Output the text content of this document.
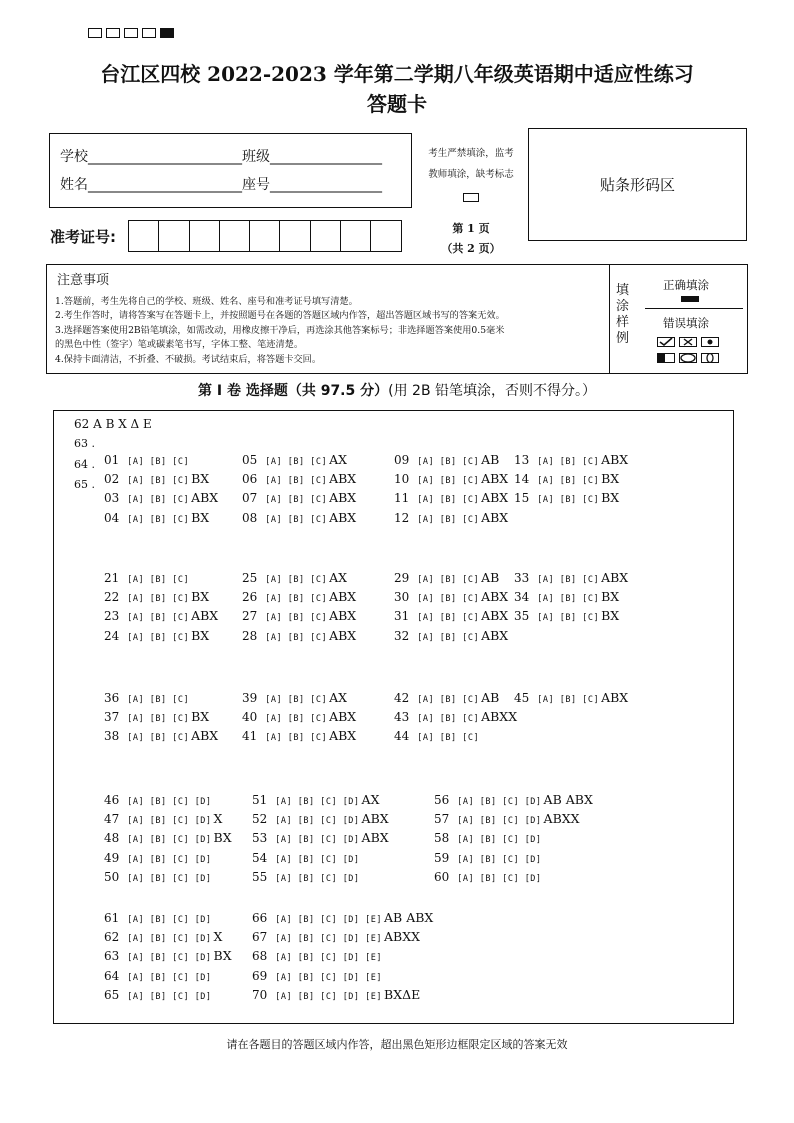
台江区四校 2022-2023 学年第二学期八年级英语期中适应性练习
答题卡
学校______________________班级________________
姓名______________________座号________________
考生严禁填涂，监考
教师填涂，缺考标志
贴条形码区
准考证号:	第 1 页
（共 2 页）
注意事项
1.答题前，考生先将自己的学校、班级、姓名、座号和准考证号填写清楚。
2.考生作答时，请将答案写在答题卡上，并按照题号在各题的答题区域内作答，超出答题区域书写的答案无效。
3.选择题答案使用2B铅笔填涂，如需改动，用橡皮擦干净后，再选涂其他答案标号；非选择题答案使用0.5毫米
的黑色中性（签字）笔或碳素笔书写，字体工整、笔迹清楚。
4.保持卡面清洁，不折叠、不破损。考试结束后，将答题卡交回。
填涂样例
正确填涂
错误填涂
第 I 卷 选择题（共 97.5 分）(用 2B 铅笔填涂，否则不得分。）
62 A B X Δ E
63 .
64 .
65 .
01 [A] [B] [C]	05 [A] [B] [C] AX	09 [A] [B] [C] AB 13 [A] [B] [C] ABX
02 [A] [B] [C] BX	06 [A] [B] [C] ABX	10 [A] [B] [C] ABX 14 [A] [B] [C] BX
03 [A] [B] [C] ABX 07 [A] [B] [C] ABX	11 [A] [B] [C] ABX 15 [A] [B] [C] BX
04 [A] [B] [C] BX	08 [A] [B] [C] ABX	12 [A] [B] [C] ABX
21 [A] [B] [C]	25 [A] [B] [C] AX	29 [A] [B] [C] AB 33 [A] [B] [C] ABX
22 [A] [B] [C] BX	26 [A] [B] [C] ABX	30 [A] [B] [C] ABX 34 [A] [B] [C] BX
23 [A] [B] [C] ABX 27 [A] [B] [C] ABX	31 [A] [B] [C] ABX 35 [A] [B] [C] BX
24 [A] [B] [C] BX	28 [A] [B] [C] ABX	32 [A] [B] [C] ABX
36 [A] [B] [C]	39 [A] [B] [C] AX	42 [A] [B] [C] AB 45 [A] [B] [C] ABX
37 [A] [B] [C] BX	40 [A] [B] [C] ABX	43 [A] [B] [C] ABXX
38 [A] [B] [C] ABX 41 [A] [B] [C] ABX	44 [A] [B] [C]
46 [A] [B] [C] [D]	51 [A] [B] [C] [D] AX	56 [A] [B] [C] [D] AB ABX
47 [A] [B] [C] [D] X 52 [A] [B] [C] [D] ABX	57 [A] [B] [C] [D] ABXX
48 [A] [B] [C] [D] BX 53 [A] [B] [C] [D] ABX	58 [A] [B] [C] [D]
49 [A] [B] [C] [D]	54 [A] [B] [C] [D]	59 [A] [B] [C] [D]
50 [A] [B] [C] [D]	55 [A] [B] [C] [D]	60 [A] [B] [C] [D]
61 [A] [B] [C] [D]	66 [A] [B] [C] [D] [E] AB ABX
62 [A] [B] [C] [D] X 67 [A] [B] [C] [D] [E] ABXX
63 [A] [B] [C] [D] BX 68 [A] [B] [C] [D] [E]
64 [A] [B] [C] [D]	69 [A] [B] [C] [D] [E]
65 [A] [B] [C] [D]	70 [A] [B] [C] [D] [E] BXΔE
请在各题目的答题区域内作答，超出黑色矩形边框限定区域的答案无效
